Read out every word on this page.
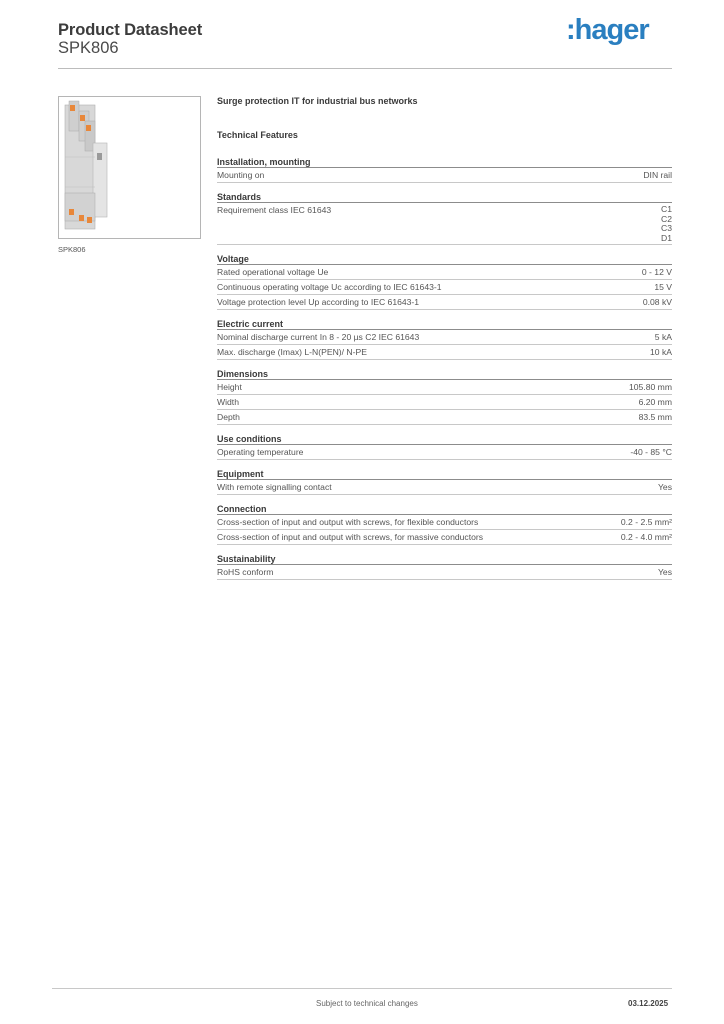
Product Datasheet
SPK806
:hager
SPK806
Surge protection IT for industrial bus networks
Technical Features
Installation, mounting
Mounting on	DIN rail
Standards
Requirement class IEC 61643	C1
C2
C3
D1
Voltage
Rated operational voltage Ue	0 - 12 V
Continuous operating voltage Uc according to IEC 61643-1	15 V
Voltage protection level Up according to IEC 61643-1	0.08 kV
Electric current
Nominal discharge current In 8 - 20 µs C2 IEC 61643	5 kA
Max. discharge (Imax) L-N(PEN)/ N-PE	10 kA
Dimensions
Height	105.80 mm
Width	6.20 mm
Depth	83.5 mm
Use conditions
Operating temperature	-40 - 85 °C
Equipment
With remote signalling contact	Yes
Connection
Cross-section of input and output with screws, for flexible conductors	0.2 - 2.5 mm²
Cross-section of input and output with screws, for massive conductors	0.2 - 4.0 mm²
Sustainability
RoHS conform	Yes
Subject to technical changes	03.12.2025
